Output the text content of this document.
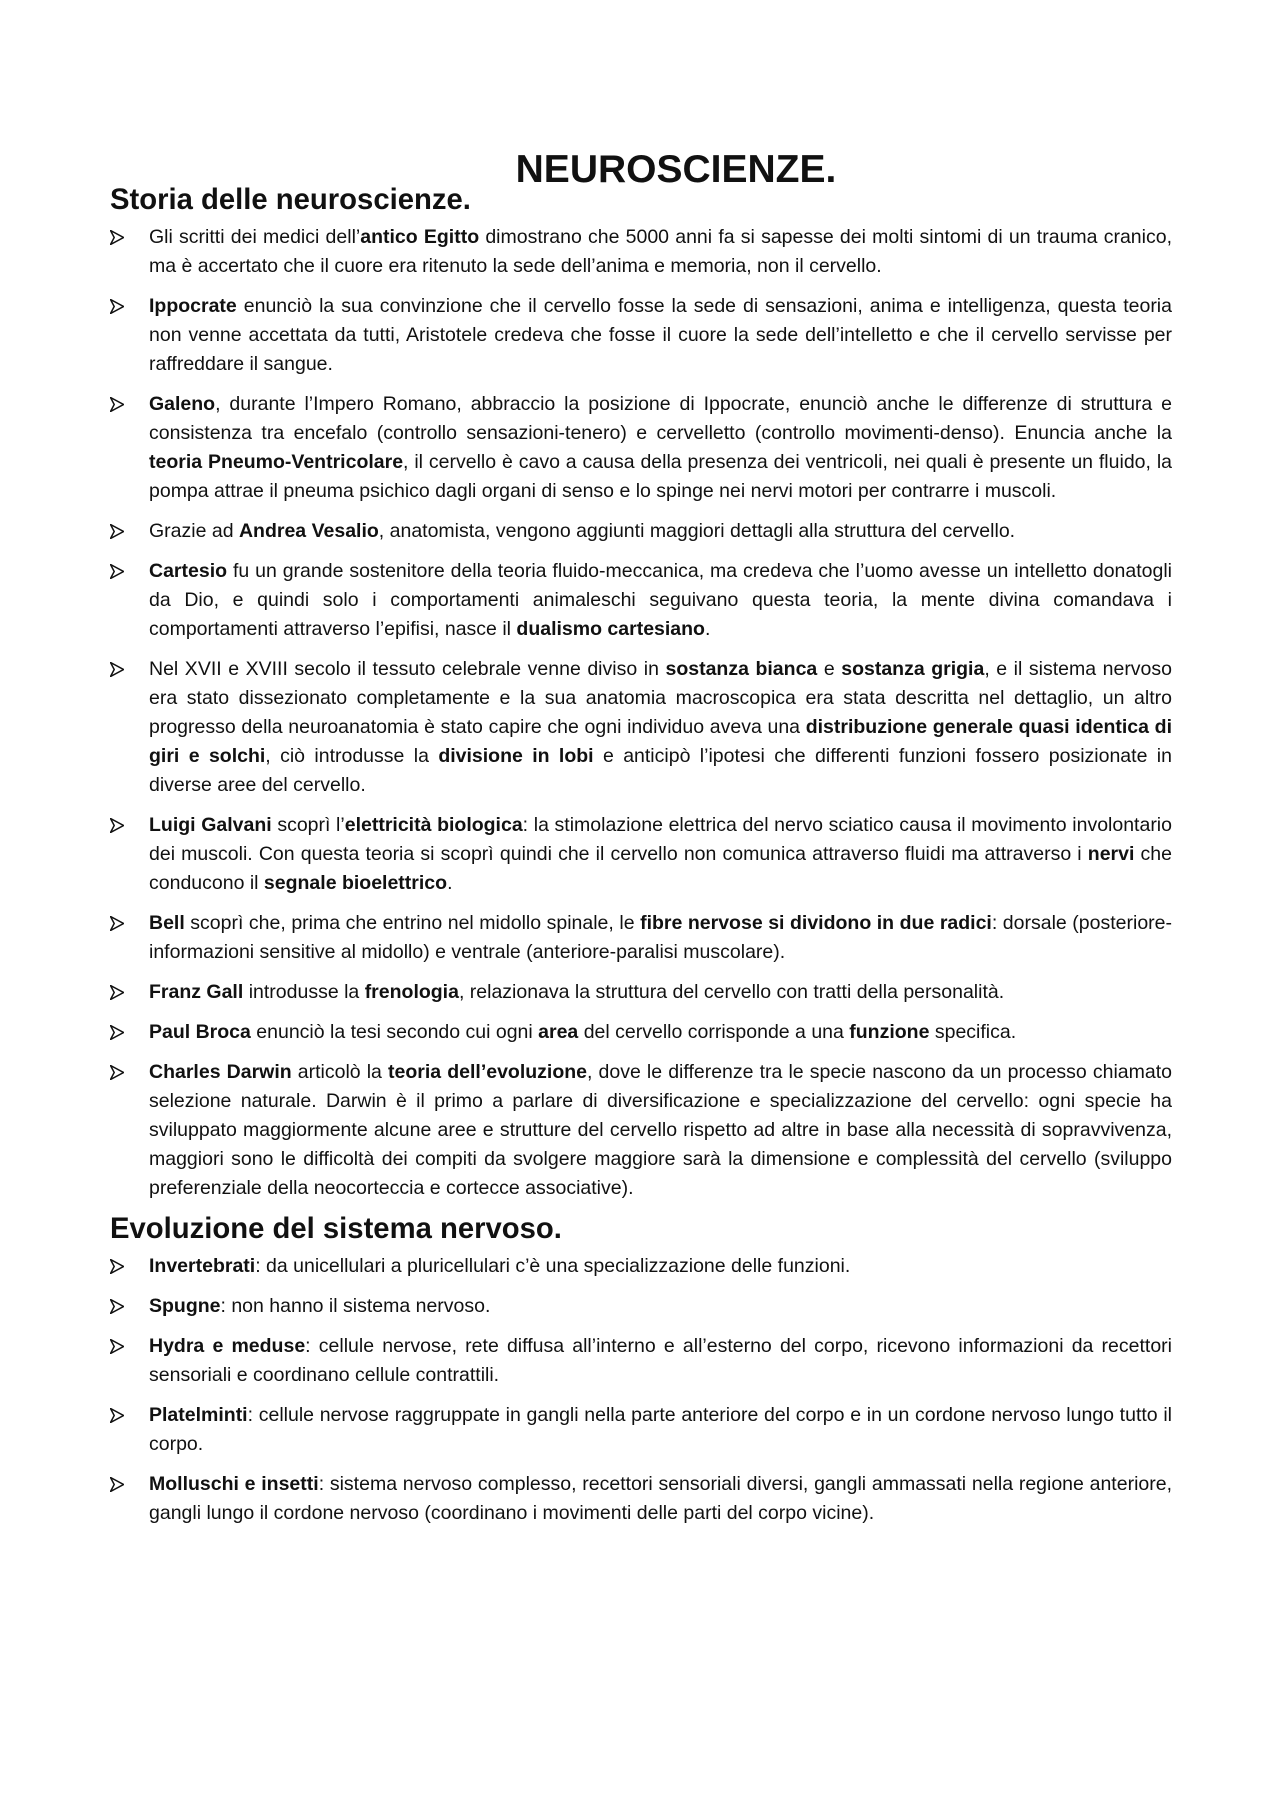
NEUROSCIENZE.
Storia delle neuroscienze.
Gli scritti dei medici dell’antico Egitto dimostrano che 5000 anni fa si sapesse dei molti sintomi di un trauma cranico, ma è accertato che il cuore era ritenuto la sede dell’anima e memoria, non il cervello.
Ippocrate enunciò la sua convinzione che il cervello fosse la sede di sensazioni, anima e intelligenza, questa teoria non venne accettata da tutti, Aristotele credeva che fosse il cuore la sede dell’intelletto e che il cervello servisse per raffreddare il sangue.
Galeno, durante l’Impero Romano, abbraccio la posizione di Ippocrate, enunciò anche le differenze di struttura e consistenza tra encefalo (controllo sensazioni-tenero) e cervelletto (controllo movimenti-denso). Enuncia anche la teoria Pneumo-Ventricolare, il cervello è cavo a causa della presenza dei ventricoli, nei quali è presente un fluido, la pompa attrae il pneuma psichico dagli organi di senso e lo spinge nei nervi motori per contrarre i muscoli.
Grazie ad Andrea Vesalio, anatomista, vengono aggiunti maggiori dettagli alla struttura del cervello.
Cartesio fu un grande sostenitore della teoria fluido-meccanica, ma credeva che l’uomo avesse un intelletto donatogli da Dio, e quindi solo i comportamenti animaleschi seguivano questa teoria, la mente divina comandava i comportamenti attraverso l’epifisi, nasce il dualismo cartesiano.
Nel XVII e XVIII secolo il tessuto celebrale venne diviso in sostanza bianca e sostanza grigia, e il sistema nervoso era stato dissezionato completamente e la sua anatomia macroscopica era stata descritta nel dettaglio, un altro progresso della neuroanatomia è stato capire che ogni individuo aveva una distribuzione generale quasi identica di giri e solchi, ciò introdusse la divisione in lobi e anticipò l’ipotesi che differenti funzioni fossero posizionate in diverse aree del cervello.
Luigi Galvani scoprì l’elettricità biologica: la stimolazione elettrica del nervo sciatico causa il movimento involontario dei muscoli. Con questa teoria si scoprì quindi che il cervello non comunica attraverso fluidi ma attraverso i nervi che conducono il segnale bioelettrico.
Bell scoprì che, prima che entrino nel midollo spinale, le fibre nervose si dividono in due radici: dorsale (posteriore-informazioni sensitive al midollo) e ventrale (anteriore-paralisi muscolare).
Franz Gall introdusse la frenologia, relazionava la struttura del cervello con tratti della personalità.
Paul Broca enunciò la tesi secondo cui ogni area del cervello corrisponde a una funzione specifica.
Charles Darwin articolò la teoria dell’evoluzione, dove le differenze tra le specie nascono da un processo chiamato selezione naturale. Darwin è il primo a parlare di diversificazione e specializzazione del cervello: ogni specie ha sviluppato maggiormente alcune aree e strutture del cervello rispetto ad altre in base alla necessità di sopravvivenza, maggiori sono le difficoltà dei compiti da svolgere maggiore sarà la dimensione e complessità del cervello (sviluppo preferenziale della neocorteccia e cortecce associative).
Evoluzione del sistema nervoso.
Invertebrati: da unicellulari a pluricellulari c’è una specializzazione delle funzioni.
Spugne: non hanno il sistema nervoso.
Hydra e meduse: cellule nervose, rete diffusa all’interno e all’esterno del corpo, ricevono informazioni da recettori sensoriali e coordinano cellule contrattili.
Platelminti: cellule nervose raggruppate in gangli nella parte anteriore del corpo e in un cordone nervoso lungo tutto il corpo.
Molluschi e insetti: sistema nervoso complesso, recettori sensoriali diversi, gangli ammassati nella regione anteriore, gangli lungo il cordone nervoso (coordinano i movimenti delle parti del corpo vicine).
